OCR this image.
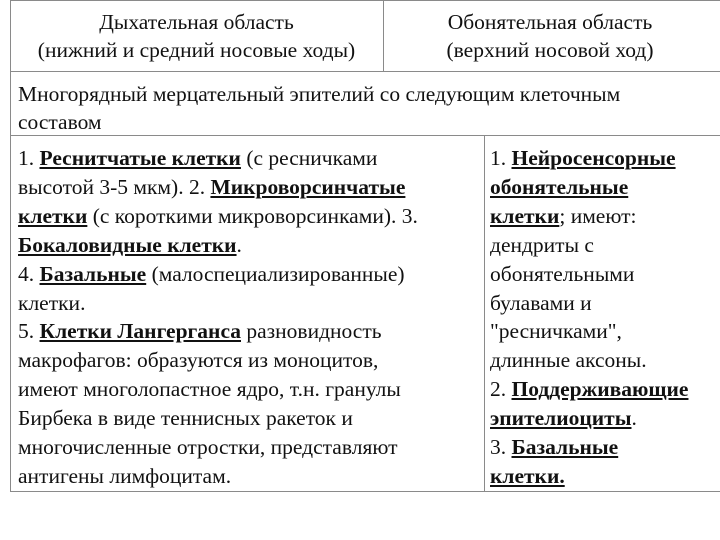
Дыхательная область
(нижний и средний носовые ходы)
Обонятельная область
(верхний носовой ход)
Многорядный мерцательный эпителий со следующим клеточным
составом
1. Реснитчатые клетки (с ресничками
высотой 3-5 мкм). 2. Микроворсинчатые
клетки (с короткими микроворсинками). 3.
Бокаловидные клетки.
4. Базальные (малоспециализированные)
клетки.
5. Клетки Лангерганса разновидность
макрофагов: образуются из моноцитов,
имеют многолопастное ядро, т.н. гранулы
Бирбека в виде теннисных ракеток и
многочисленные отростки, представляют
антигены лимфоцитам.
1. Нейросенсорные
обонятельные
клетки; имеют:
дендриты с
обонятельными
булавами и
"ресничками",
длинные аксоны.
2. Поддерживающие
эпителиоциты.
3. Базальные
клетки.
